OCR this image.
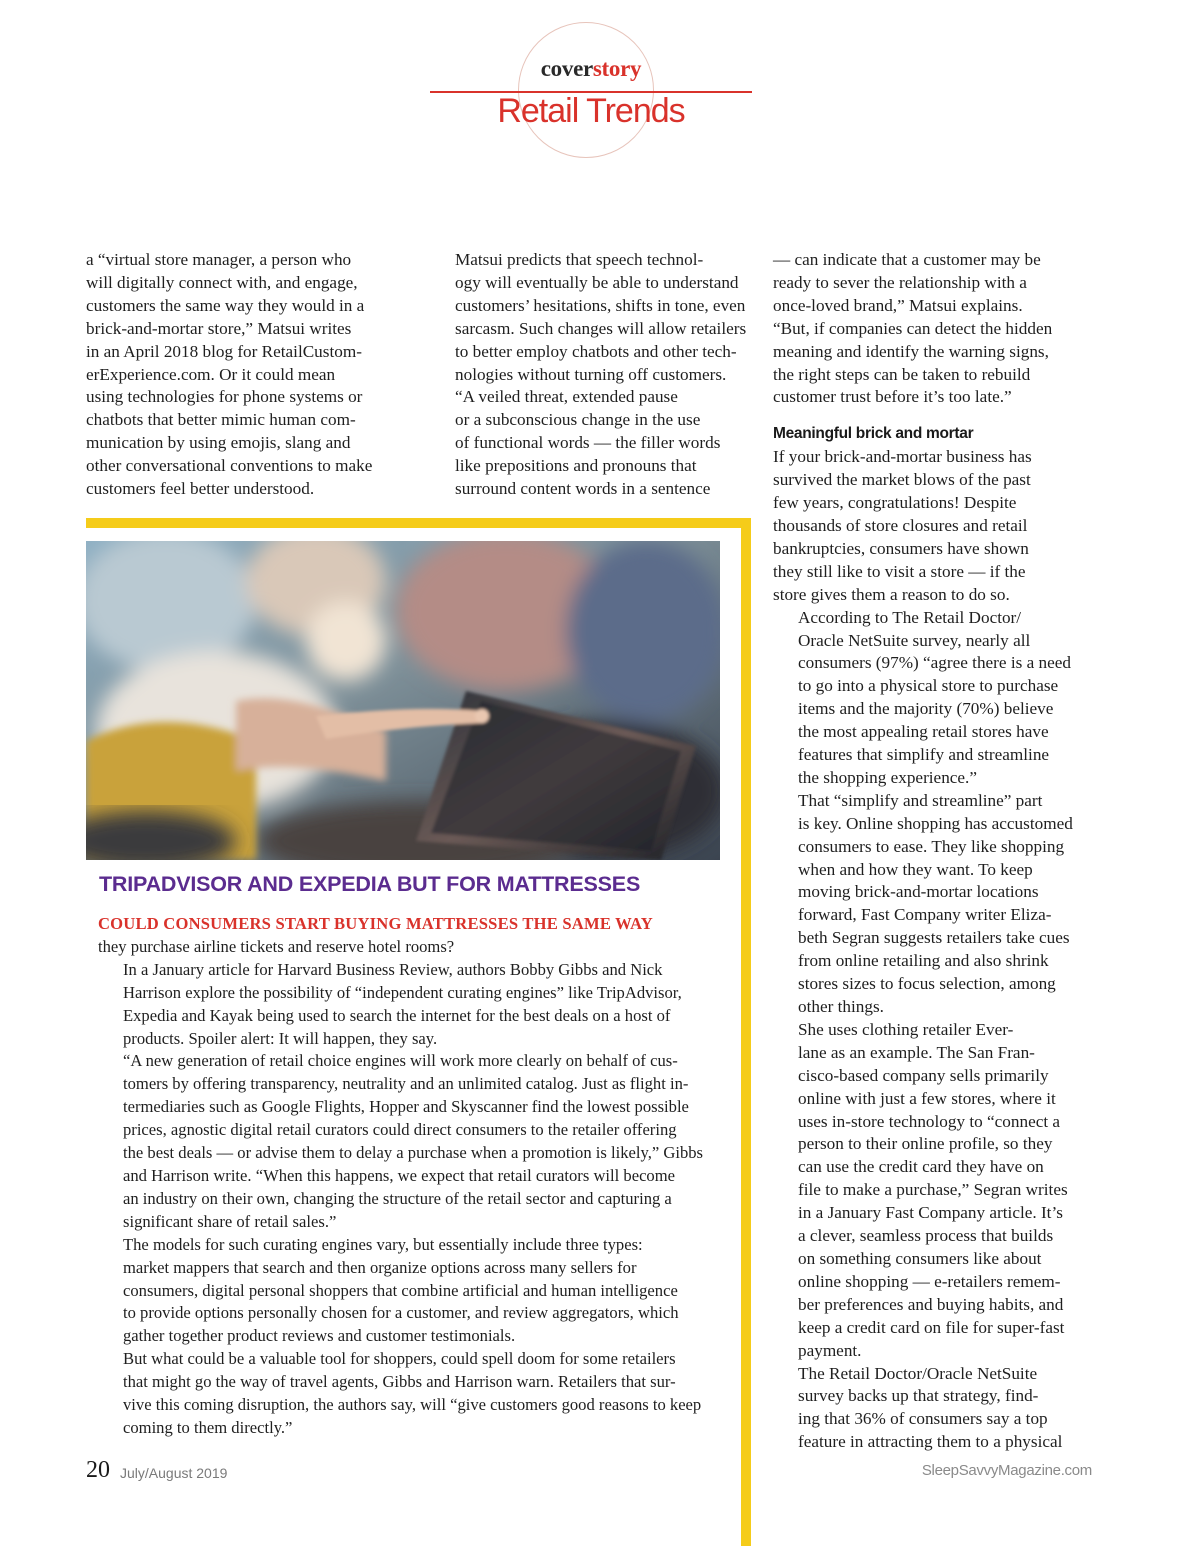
coverstory
Retail Trends

a “virtual store manager, a person who
will digitally connect with, and engage,
customers the same way they would in a
brick-and-mortar store,” Matsui writes
in an April 2018 blog for RetailCustom-
erExperience.com. Or it could mean
using technologies for phone systems or
chatbots that better mimic human com-
munication by using emojis, slang and
other conversational conventions to make
customers feel better understood.

Matsui predicts that speech technol-
ogy will eventually be able to understand
customers’ hesitations, shifts in tone, even
sarcasm. Such changes will allow retailers
to better employ chatbots and other tech-
nologies without turning off customers.

“A veiled threat, extended pause
or a subconscious change in the use
of functional words — the filler words
like prepositions and pronouns that
surround content words in a sentence

— can indicate that a customer may be
ready to sever the relationship with a
once-loved brand,” Matsui explains.
“But, if companies can detect the hidden
meaning and identify the warning signs,
the right steps can be taken to rebuild
customer trust before it’s too late.”

Meaningful brick and mortar

If your brick-and-mortar business has
survived the market blows of the past
few years, congratulations! Despite
thousands of store closures and retail
bankruptcies, consumers have shown
they still like to visit a store — if the
store gives them a reason to do so.

According to The Retail Doctor/
Oracle NetSuite survey, nearly all
consumers (97%) “agree there is a need
to go into a physical store to purchase
items and the majority (70%) believe
the most appealing retail stores have
features that simplify and streamline
the shopping experience.”

That “simplify and streamline” part
is key. Online shopping has accustomed
consumers to ease. They like shopping
when and how they want. To keep
moving brick-and-mortar locations
forward, Fast Company writer Eliza-
beth Segran suggests retailers take cues
from online retailing and also shrink
stores sizes to focus selection, among
other things.

She uses clothing retailer Ever-
lane as an example. The San Fran-
cisco-based company sells primarily
online with just a few stores, where it
uses in-store technology to “connect a
person to their online profile, so they
can use the credit card they have on
file to make a purchase,” Segran writes
in a January Fast Company article. It’s
a clever, seamless process that builds
on something consumers like about
online shopping — e-retailers remem-
ber preferences and buying habits, and
keep a credit card on file for super-fast
payment.

The Retail Doctor/Oracle NetSuite
survey backs up that strategy, find-
ing that 36% of consumers say a top
feature in attracting them to a physical

TRIPADVISOR AND EXPEDIA BUT FOR MATTRESSES

COULD CONSUMERS START BUYING MATTRESSES THE SAME WAY
they purchase airline tickets and reserve hotel rooms?

In a January article for Harvard Business Review, authors Bobby Gibbs and Nick
Harrison explore the possibility of “independent curating engines” like TripAdvisor,
Expedia and Kayak being used to search the internet for the best deals on a host of
products. Spoiler alert: It will happen, they say.

“A new generation of retail choice engines will work more clearly on behalf of cus-
tomers by offering transparency, neutrality and an unlimited catalog. Just as flight in-
termediaries such as Google Flights, Hopper and Skyscanner find the lowest possible
prices, agnostic digital retail curators could direct consumers to the retailer offering
the best deals — or advise them to delay a purchase when a promotion is likely,” Gibbs
and Harrison write. “When this happens, we expect that retail curators will become
an industry on their own, changing the structure of the retail sector and capturing a
significant share of retail sales.”

The models for such curating engines vary, but essentially include three types:
market mappers that search and then organize options across many sellers for
consumers, digital personal shoppers that combine artificial and human intelligence
to provide options personally chosen for a customer, and review aggregators, which
gather together product reviews and customer testimonials.

But what could be a valuable tool for shoppers, could spell doom for some retailers
that might go the way of travel agents, Gibbs and Harrison warn. Retailers that sur-
vive this coming disruption, the authors say, will “give customers good reasons to keep
coming to them directly.”

20 July/August 2019	SleepSavvyMagazine.com
